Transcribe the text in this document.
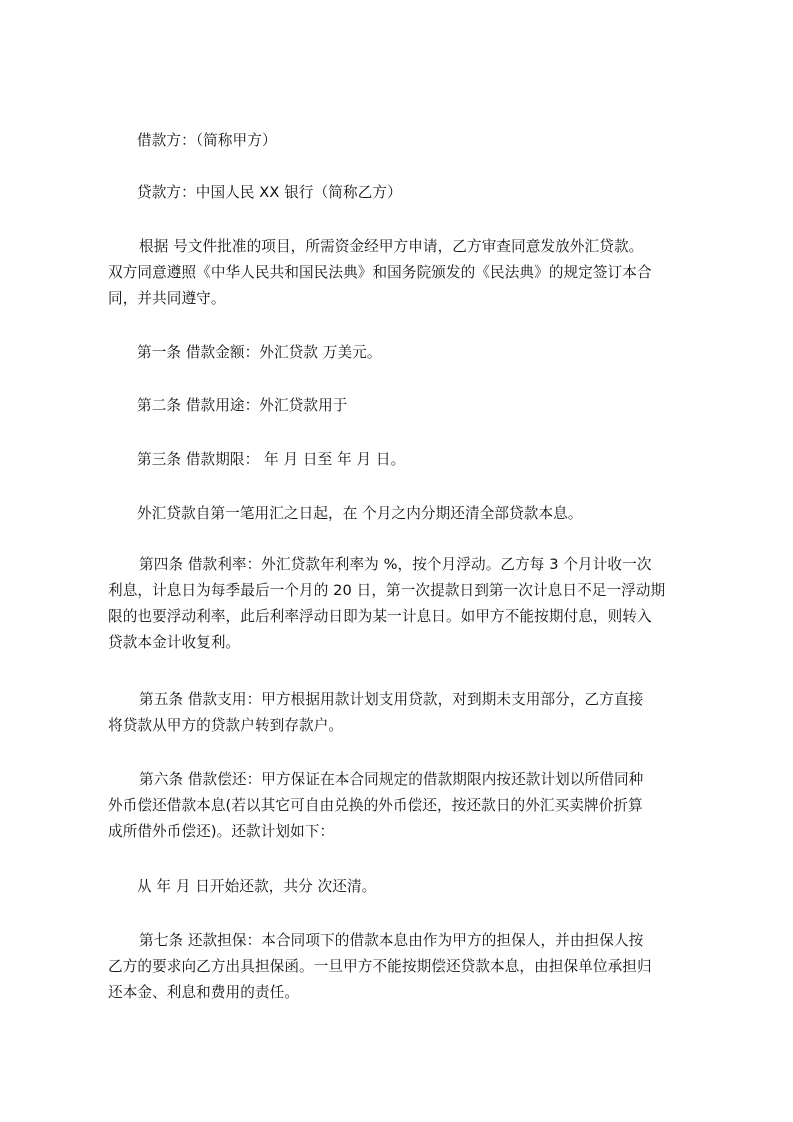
借款方：（简称甲方）
贷款方：中国人民 XX 银行（简称乙方）
根据 号文件批准的项目，所需资金经甲方申请，乙方审查同意发放外汇贷款。
双方同意遵照《中华人民共和国民法典》和国务院颁发的《民法典》的规定签订本合
同，并共同遵守。
第一条 借款金额：外汇贷款 万美元。
第二条 借款用途：外汇贷款用于
第三条 借款期限： 年 月 日至 年 月 日。
外汇贷款自第一笔用汇之日起，在 个月之内分期还清全部贷款本息。
第四条 借款利率：外汇贷款年利率为 %，按个月浮动。乙方每 3 个月计收一次
利息，计息日为每季最后一个月的 20 日，第一次提款日到第一次计息日不足一浮动期
限的也要浮动利率，此后利率浮动日即为某一计息日。如甲方不能按期付息，则转入
贷款本金计收复利。
第五条 借款支用：甲方根据用款计划支用贷款，对到期未支用部分，乙方直接
将贷款从甲方的贷款户转到存款户。
第六条 借款偿还：甲方保证在本合同规定的借款期限内按还款计划以所借同种
外币偿还借款本息(若以其它可自由兑换的外币偿还，按还款日的外汇买卖牌价折算
成所借外币偿还)。还款计划如下：
从 年 月 日开始还款，共分 次还清。
第七条 还款担保：本合同项下的借款本息由作为甲方的担保人，并由担保人按
乙方的要求向乙方出具担保函。一旦甲方不能按期偿还贷款本息，由担保单位承担归
还本金、利息和费用的责任。
